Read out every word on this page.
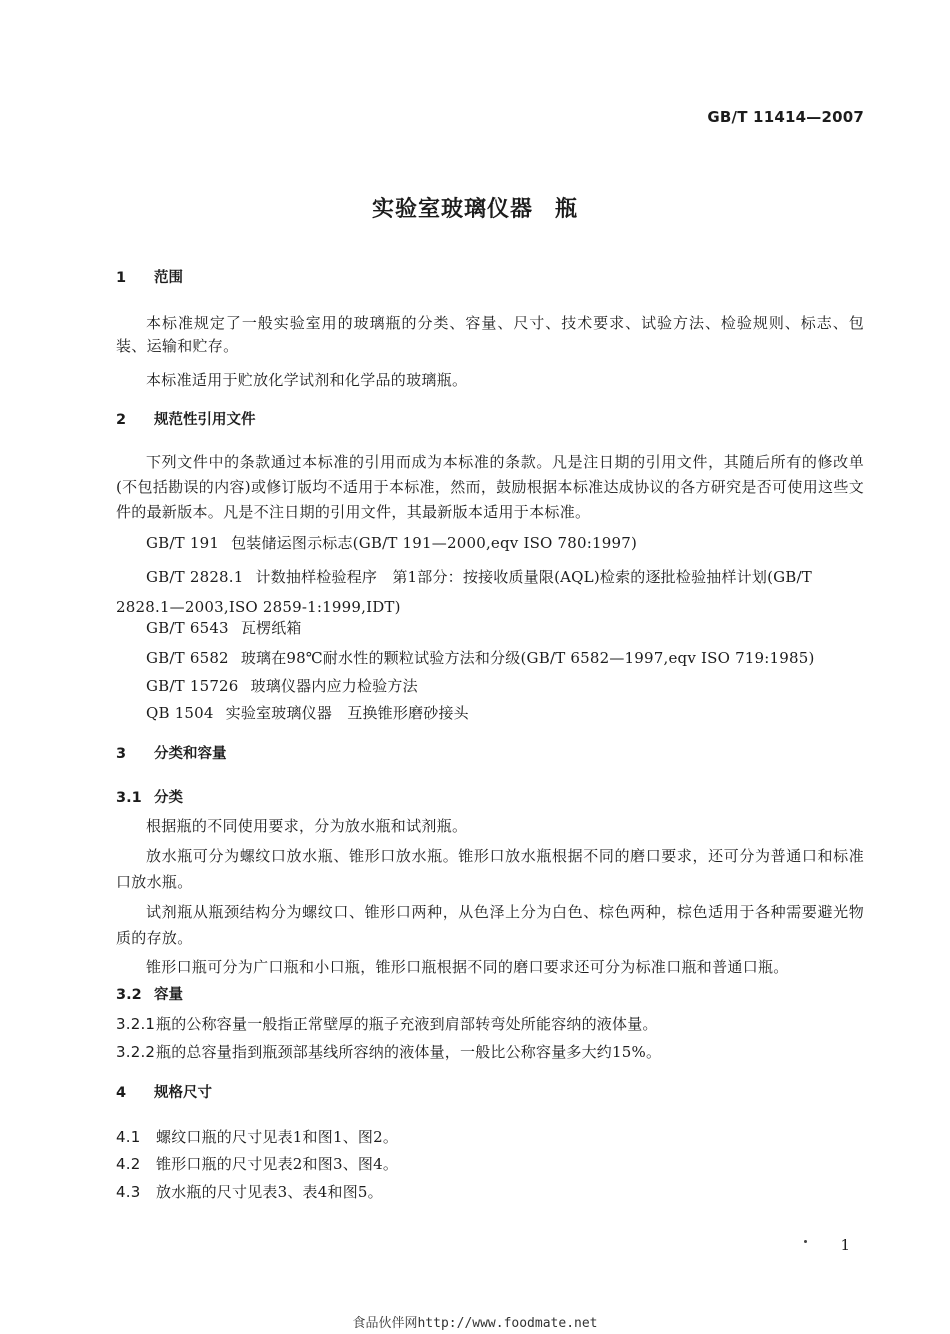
GB/T 11414—2007
实验室玻璃仪器 瓶
1 范围

本标准规定了一般实验室用的玻璃瓶的分类、容量、尺寸、技术要求、试验方法、检验规则、标志、包装、运输和贮存。

本标准适用于贮放化学试剂和化学品的玻璃瓶。

2 规范性引用文件

下列文件中的条款通过本标准的引用而成为本标准的条款。凡是注日期的引用文件，其随后所有的修改单(不包括勘误的内容)或修订版均不适用于本标准，然而，鼓励根据本标准达成协议的各方研究是否可使用这些文件的最新版本。凡是不注日期的引用文件，其最新版本适用于本标准。

GB/T 191 包装储运图示标志(GB/T 191—2000,eqv ISO 780:1997)
GB/T 2828.1 计数抽样检验程序　第1部分：按接收质量限(AQL)检索的逐批检验抽样计划(GB/T 2828.1—2003,ISO 2859-1:1999,IDT)
GB/T 6543 瓦楞纸箱
GB/T 6582 玻璃在98℃耐水性的颗粒试验方法和分级(GB/T 6582—1997,eqv ISO 719:1985)
GB/T 15726 玻璃仪器内应力检验方法
QB 1504 实验室玻璃仪器　互换锥形磨砂接头
3 分类和容量
3.1 分类

根据瓶的不同使用要求，分为放水瓶和试剂瓶。

放水瓶可分为螺纹口放水瓶、锥形口放水瓶。锥形口放水瓶根据不同的磨口要求，还可分为普通口和标准口放水瓶。

试剂瓶从瓶颈结构分为螺纹口、锥形口两种，从色泽上分为白色、棕色两种，棕色适用于各种需要避光物质的存放。

锥形口瓶可分为广口瓶和小口瓶，锥形口瓶根据不同的磨口要求还可分为标准口瓶和普通口瓶。

3.2 容量
3.2.1瓶的公称容量一般指正常壁厚的瓶子充液到肩部转弯处所能容纳的液体量。
3.2.2瓶的总容量指到瓶颈部基线所容纳的液体量，一般比公称容量多大约15%。
4 规格尺寸
4.1 螺纹口瓶的尺寸见表1和图1、图2。
4.2 锥形口瓶的尺寸见表2和图3、图4。
4.3 放水瓶的尺寸见表3、表4和图5。
1
食品伙伴网http://www.foodmate.net
